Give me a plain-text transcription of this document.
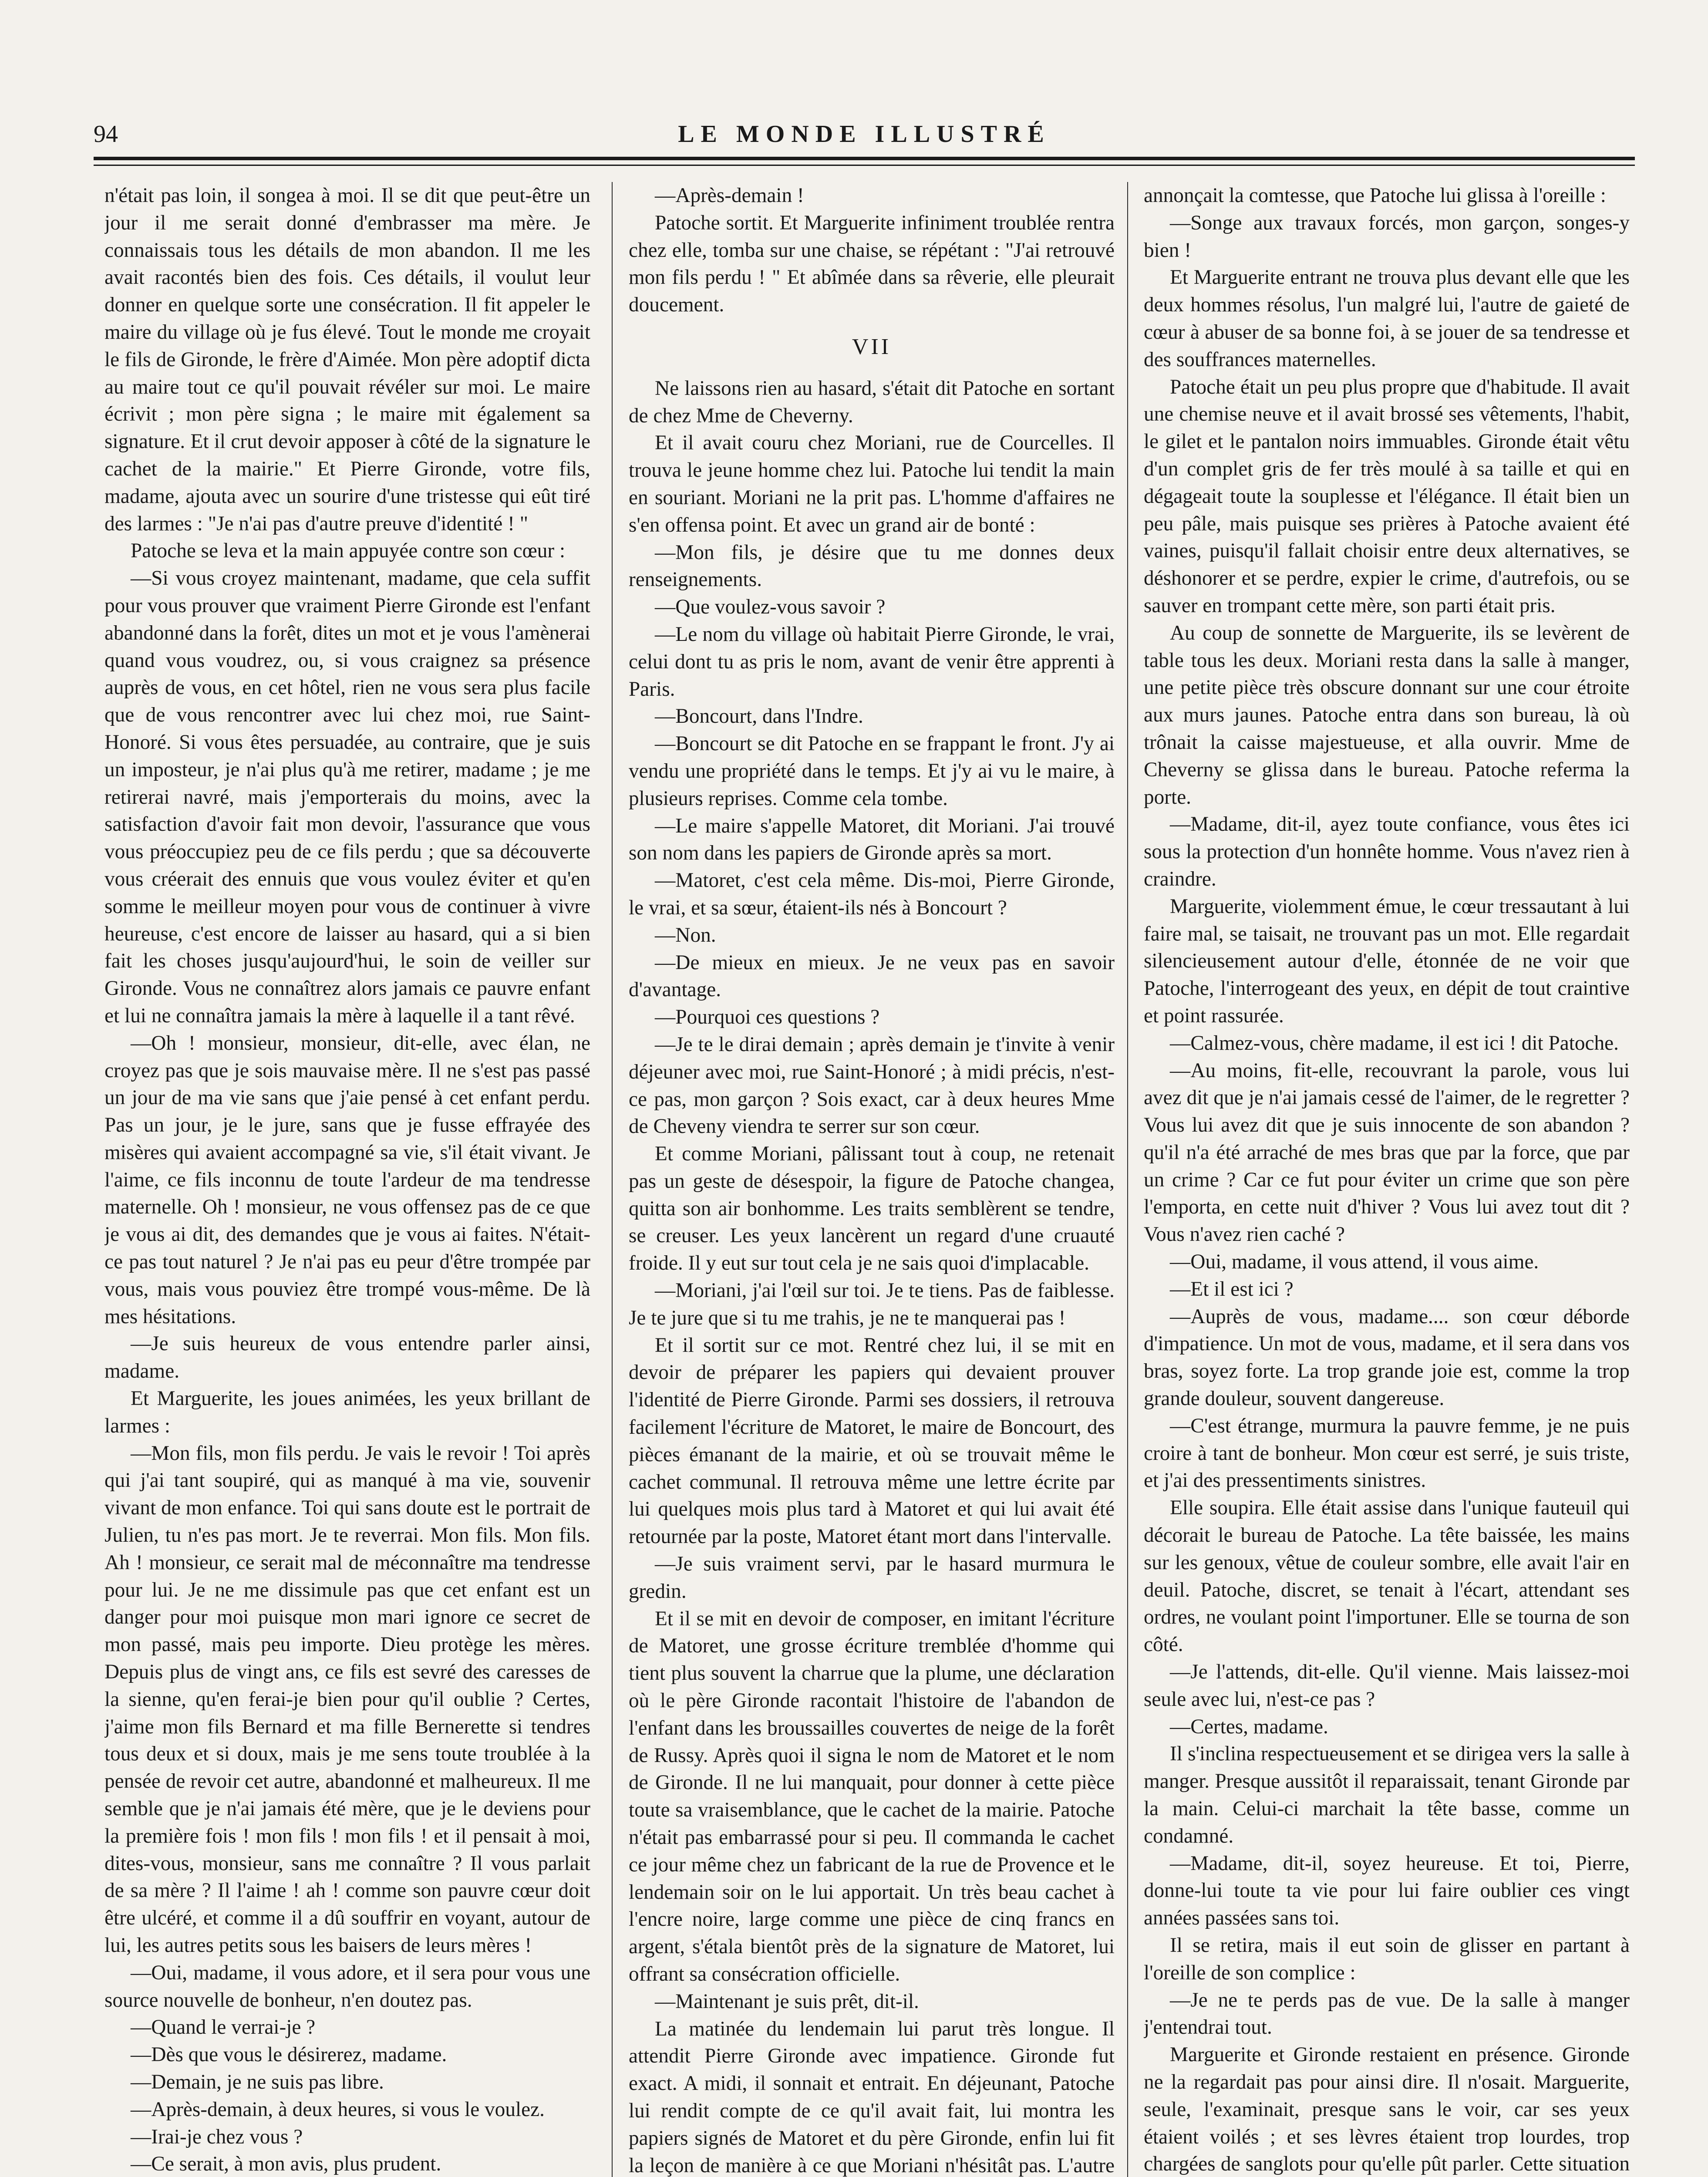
94	LE MONDE ILLUSTRÉ

n'était pas loin, il songea à moi. Il se dit que peut-être un jour il me serait donné d'embrasser ma mère. Je connaissais tous les détails de mon abandon. Il me les avait racontés bien des fois. Ces détails, il voulut leur donner en quelque sorte une consécration. Il fit appeler le maire du village où je fus élevé. Tout le monde me croyait le fils de Gironde, le frère d'Aimée. Mon père adoptif dicta au maire tout ce qu'il pouvait révéler sur moi. Le maire écrivit ; mon père signa ; le maire mit également sa signature. Et il crut devoir apposer à côté de la signature le cachet de la mairie." Et Pierre Gironde, votre fils, madame, ajouta avec un sourire d'une tristesse qui eût tiré des larmes : "Je n'ai pas d'autre preuve d'identité ! "

Patoche se leva et la main appuyée contre son cœur :

—Si vous croyez maintenant, madame, que cela suffit pour vous prouver que vraiment Pierre Gironde est l'enfant abandonné dans la forêt, dites un mot et je vous l'amènerai quand vous voudrez, ou, si vous craignez sa présence auprès de vous, en cet hôtel, rien ne vous sera plus facile que de vous rencontrer avec lui chez moi, rue Saint-Honoré. Si vous êtes persuadée, au contraire, que je suis un imposteur, je n'ai plus qu'à me retirer, madame ; je me retirerai navré, mais j'emporterais du moins, avec la satisfaction d'avoir fait mon devoir, l'assurance que vous vous préoccupiez peu de ce fils perdu ; que sa découverte vous créerait des ennuis que vous voulez éviter et qu'en somme le meilleur moyen pour vous de continuer à vivre heureuse, c'est encore de laisser au hasard, qui a si bien fait les choses jusqu'aujourd'hui, le soin de veiller sur Gironde. Vous ne connaîtrez alors jamais ce pauvre enfant et lui ne connaîtra jamais la mère à laquelle il a tant rêvé.

—Oh ! monsieur, monsieur, dit-elle, avec élan, ne croyez pas que je sois mauvaise mère. Il ne s'est pas passé un jour de ma vie sans que j'aie pensé à cet enfant perdu. Pas un jour, je le jure, sans que je fusse effrayée des misères qui avaient accompagné sa vie, s'il était vivant. Je l'aime, ce fils inconnu de toute l'ardeur de ma tendresse maternelle. Oh ! monsieur, ne vous offensez pas de ce que je vous ai dit, des demandes que je vous ai faites. N'était-ce pas tout naturel ? Je n'ai pas eu peur d'être trompée par vous, mais vous pouviez être trompé vous-même. De là mes hésitations.

—Je suis heureux de vous entendre parler ainsi, madame.

Et Marguerite, les joues animées, les yeux brillant de larmes :

—Mon fils, mon fils perdu. Je vais le revoir ! Toi après qui j'ai tant soupiré, qui as manqué à ma vie, souvenir vivant de mon enfance. Toi qui sans doute est le portrait de Julien, tu n'es pas mort. Je te reverrai. Mon fils. Mon fils. Ah ! monsieur, ce serait mal de méconnaître ma tendresse pour lui. Je ne me dissimule pas que cet enfant est un danger pour moi puisque mon mari ignore ce secret de mon passé, mais peu importe. Dieu protège les mères. Depuis plus de vingt ans, ce fils est sevré des caresses de la sienne, qu'en ferai-je bien pour qu'il oublie ? Certes, j'aime mon fils Bernard et ma fille Bernerette si tendres tous deux et si doux, mais je me sens toute troublée à la pensée de revoir cet autre, abandonné et malheureux. Il me semble que je n'ai jamais été mère, que je le deviens pour la première fois ! mon fils ! mon fils ! et il pensait à moi, dites-vous, monsieur, sans me connaître ? Il vous parlait de sa mère ? Il l'aime ! ah ! comme son pauvre cœur doit être ulcéré, et comme il a dû souffrir en voyant, autour de lui, les autres petits sous les baisers de leurs mères !

—Oui, madame, il vous adore, et il sera pour vous une source nouvelle de bonheur, n'en doutez pas.

—Quand le verrai-je ?

—Dès que vous le désirerez, madame.

—Demain, je ne suis pas libre.

—Après-demain, à deux heures, si vous le voulez.

—Irai-je chez vous ?

—Ce serait, à mon avis, plus prudent.

—Après-demain !

Patoche sortit. Et Marguerite infiniment troublée rentra chez elle, tomba sur une chaise, se répétant : "J'ai retrouvé mon fils perdu ! " Et abîmée dans sa rêverie, elle pleurait doucement.

VII

Ne laissons rien au hasard, s'était dit Patoche en sortant de chez Mme de Cheverny.

Et il avait couru chez Moriani, rue de Courcelles. Il trouva le jeune homme chez lui. Patoche lui tendit la main en souriant. Moriani ne la prit pas. L'homme d'affaires ne s'en offensa point. Et avec un grand air de bonté :

—Mon fils, je désire que tu me donnes deux renseignements.

—Que voulez-vous savoir ?

—Le nom du village où habitait Pierre Gironde, le vrai, celui dont tu as pris le nom, avant de venir être apprenti à Paris.

—Boncourt, dans l'Indre.

—Boncourt se dit Patoche en se frappant le front. J'y ai vendu une propriété dans le temps. Et j'y ai vu le maire, à plusieurs reprises. Comme cela tombe.

—Le maire s'appelle Matoret, dit Moriani. J'ai trouvé son nom dans les papiers de Gironde après sa mort.

—Matoret, c'est cela même. Dis-moi, Pierre Gironde, le vrai, et sa sœur, étaient-ils nés à Boncourt ?

—Non.

—De mieux en mieux. Je ne veux pas en savoir d'avantage.

—Pourquoi ces questions ?

—Je te le dirai demain ; après demain je t'invite à venir déjeuner avec moi, rue Saint-Honoré ; à midi précis, n'est-ce pas, mon garçon ? Sois exact, car à deux heures Mme de Cheveny viendra te serrer sur son cœur.

Et comme Moriani, pâlissant tout à coup, ne retenait pas un geste de désespoir, la figure de Patoche changea, quitta son air bonhomme. Les traits semblèrent se tendre, se creuser. Les yeux lancèrent un regard d'une cruauté froide. Il y eut sur tout cela je ne sais quoi d'implacable.

—Moriani, j'ai l'œil sur toi. Je te tiens. Pas de faiblesse. Je te jure que si tu me trahis, je ne te manquerai pas !

Et il sortit sur ce mot. Rentré chez lui, il se mit en devoir de préparer les papiers qui devaient prouver l'identité de Pierre Gironde. Parmi ses dossiers, il retrouva facilement l'écriture de Matoret, le maire de Boncourt, des pièces émanant de la mairie, et où se trouvait même le cachet communal. Il retrouva même une lettre écrite par lui quelques mois plus tard à Matoret et qui lui avait été retournée par la poste, Matoret étant mort dans l'intervalle.

—Je suis vraiment servi, par le hasard murmura le gredin.

Et il se mit en devoir de composer, en imitant l'écriture de Matoret, une grosse écriture tremblée d'homme qui tient plus souvent la charrue que la plume, une déclaration où le père Gironde racontait l'histoire de l'abandon de l'enfant dans les broussailles couvertes de neige de la forêt de Russy. Après quoi il signa le nom de Matoret et le nom de Gironde. Il ne lui manquait, pour donner à cette pièce toute sa vraisemblance, que le cachet de la mairie. Patoche n'était pas embarrassé pour si peu. Il commanda le cachet ce jour même chez un fabricant de la rue de Provence et le lendemain soir on le lui apportait. Un très beau cachet à l'encre noire, large comme une pièce de cinq francs en argent, s'étala bientôt près de la signature de Matoret, lui offrant sa consécration officielle.

—Maintenant je suis prêt, dit-il.

La matinée du lendemain lui parut très longue. Il attendit Pierre Gironde avec impatience. Gironde fut exact. A midi, il sonnait et entrait. En déjeunant, Patoche lui rendit compte de ce qu'il avait fait, lui montra les papiers signés de Matoret et du père Gironde, enfin lui fit la leçon de manière à ce que Moriani n'hésitât pas. L'autre

annonçait la comtesse, que Patoche lui glissa à l'oreille :

—Songe aux travaux forcés, mon garçon, songes-y bien !

Et Marguerite entrant ne trouva plus devant elle que les deux hommes résolus, l'un malgré lui, l'autre de gaieté de cœur à abuser de sa bonne foi, à se jouer de sa tendresse et des souffrances maternelles.

Patoche était un peu plus propre que d'habitude. Il avait une chemise neuve et il avait brossé ses vêtements, l'habit, le gilet et le pantalon noirs immuables. Gironde était vêtu d'un complet gris de fer très moulé à sa taille et qui en dégageait toute la souplesse et l'élégance. Il était bien un peu pâle, mais puisque ses prières à Patoche avaient été vaines, puisqu'il fallait choisir entre deux alternatives, se déshonorer et se perdre, expier le crime, d'autrefois, ou se sauver en trompant cette mère, son parti était pris.

Au coup de sonnette de Marguerite, ils se levèrent de table tous les deux. Moriani resta dans la salle à manger, une petite pièce très obscure donnant sur une cour étroite aux murs jaunes. Patoche entra dans son bureau, là où trônait la caisse majestueuse, et alla ouvrir. Mme de Cheverny se glissa dans le bureau. Patoche referma la porte.

—Madame, dit-il, ayez toute confiance, vous êtes ici sous la protection d'un honnête homme. Vous n'avez rien à craindre.

Marguerite, violemment émue, le cœur tressautant à lui faire mal, se taisait, ne trouvant pas un mot. Elle regardait silencieusement autour d'elle, étonnée de ne voir que Patoche, l'interrogeant des yeux, en dépit de tout craintive et point rassurée.

—Calmez-vous, chère madame, il est ici ! dit Patoche.

—Au moins, fit-elle, recouvrant la parole, vous lui avez dit que je n'ai jamais cessé de l'aimer, de le regretter ? Vous lui avez dit que je suis innocente de son abandon ? qu'il n'a été arraché de mes bras que par la force, que par un crime ? Car ce fut pour éviter un crime que son père l'emporta, en cette nuit d'hiver ? Vous lui avez tout dit ? Vous n'avez rien caché ?

—Oui, madame, il vous attend, il vous aime.

—Et il est ici ?

—Auprès de vous, madame.... son cœur déborde d'impatience. Un mot de vous, madame, et il sera dans vos bras, soyez forte. La trop grande joie est, comme la trop grande douleur, souvent dangereuse.

—C'est étrange, murmura la pauvre femme, je ne puis croire à tant de bonheur. Mon cœur est serré, je suis triste, et j'ai des pressentiments sinistres.

Elle soupira. Elle était assise dans l'unique fauteuil qui décorait le bureau de Patoche. La tête baissée, les mains sur les genoux, vêtue de couleur sombre, elle avait l'air en deuil. Patoche, discret, se tenait à l'écart, attendant ses ordres, ne voulant point l'importuner. Elle se tourna de son côté.

—Je l'attends, dit-elle. Qu'il vienne. Mais laissez-moi seule avec lui, n'est-ce pas ?

—Certes, madame.

Il s'inclina respectueusement et se dirigea vers la salle à manger. Presque aussitôt il reparaissait, tenant Gironde par la main. Celui-ci marchait la tête basse, comme un condamné.

—Madame, dit-il, soyez heureuse. Et toi, Pierre, donne-lui toute ta vie pour lui faire oublier ces vingt années passées sans toi.

Il se retira, mais il eut soin de glisser en partant à l'oreille de son complice :

—Je ne te perds pas de vue. De la salle à manger j'entendrai tout.

Marguerite et Gironde restaient en présence. Gironde ne la regardait pas pour ainsi dire. Il n'osait. Marguerite, seule, l'examinait, presque sans le voir, car ses yeux étaient voilés ; et ses lèvres étaient trop lourdes, trop chargées de sanglots pour qu'elle pût parler. Cette situation
